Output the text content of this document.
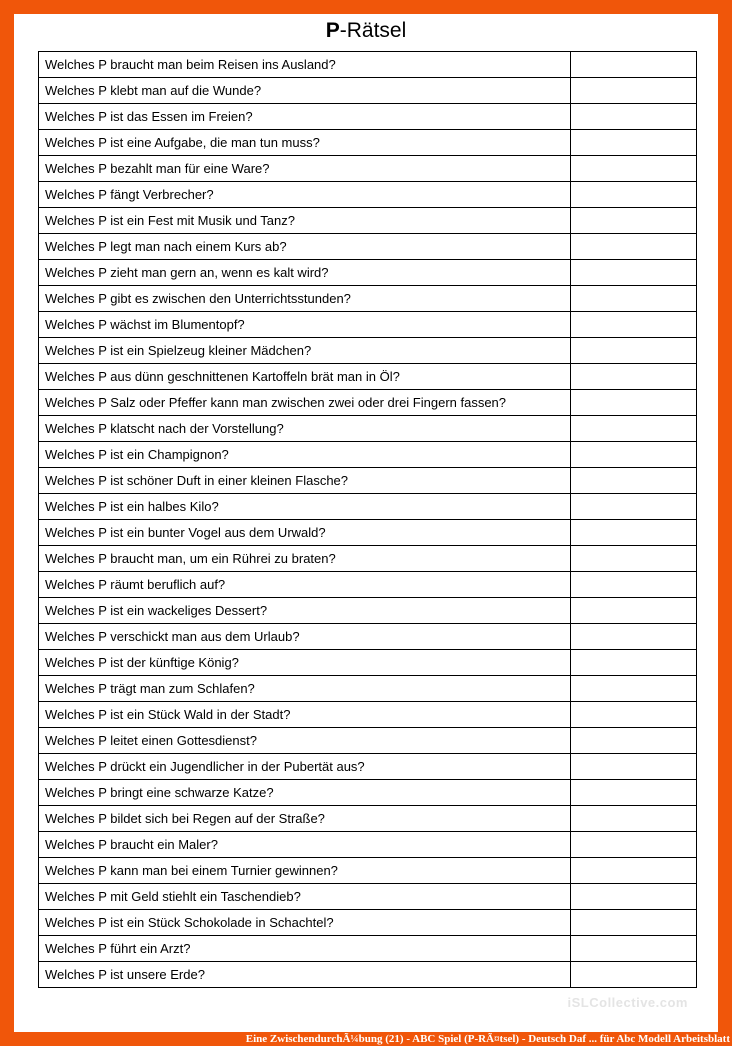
P-Rätsel
Welches P braucht man beim Reisen ins Ausland?	
Welches P klebt man auf die Wunde?	
Welches P ist das Essen im Freien?	
Welches P ist eine Aufgabe, die man tun muss?	
Welches P bezahlt man für eine Ware?	
Welches P fängt Verbrecher?	
Welches P ist ein Fest mit Musik und Tanz?	
Welches P legt man nach einem Kurs ab?	
Welches P zieht man gern an, wenn es kalt wird?	
Welches P gibt es zwischen den Unterrichtsstunden?	
Welches P wächst im Blumentopf?	
Welches P ist ein Spielzeug kleiner Mädchen?	
Welches P aus dünn geschnittenen Kartoffeln brät man in Öl?	
Welches P Salz oder Pfeffer kann man zwischen zwei oder drei Fingern fassen?	
Welches P klatscht nach der Vorstellung?	
Welches P ist ein Champignon?	
Welches P ist schöner Duft in einer kleinen Flasche?	
Welches P ist ein halbes Kilo?	
Welches P ist ein bunter Vogel aus dem Urwald?	
Welches P braucht man, um ein Rührei zu braten?	
Welches P räumt beruflich auf?	
Welches P ist ein wackeliges Dessert?	
Welches P verschickt man aus dem Urlaub?	
Welches P ist der künftige König?	
Welches P trägt man zum Schlafen?	
Welches P ist ein Stück Wald in der Stadt?	
Welches P leitet einen Gottesdienst?	
Welches P drückt ein Jugendlicher in der Pubertät aus?	
Welches P bringt eine schwarze Katze?	
Welches P bildet sich bei Regen auf der Straße?	
Welches P braucht ein Maler?	
Welches P kann man bei einem Turnier gewinnen?	
Welches P mit Geld stiehlt ein Taschendieb?	
Welches P ist ein Stück Schokolade in Schachtel?	
Welches P führt ein Arzt?	
Welches P ist unsere Erde?	
iSLCollective.com
Eine ZwischendurchÃ¼bung (21) - ABC Spiel (P-RÃ¤tsel) - Deutsch Daf ... für Abc Modell Arbeitsblatt
